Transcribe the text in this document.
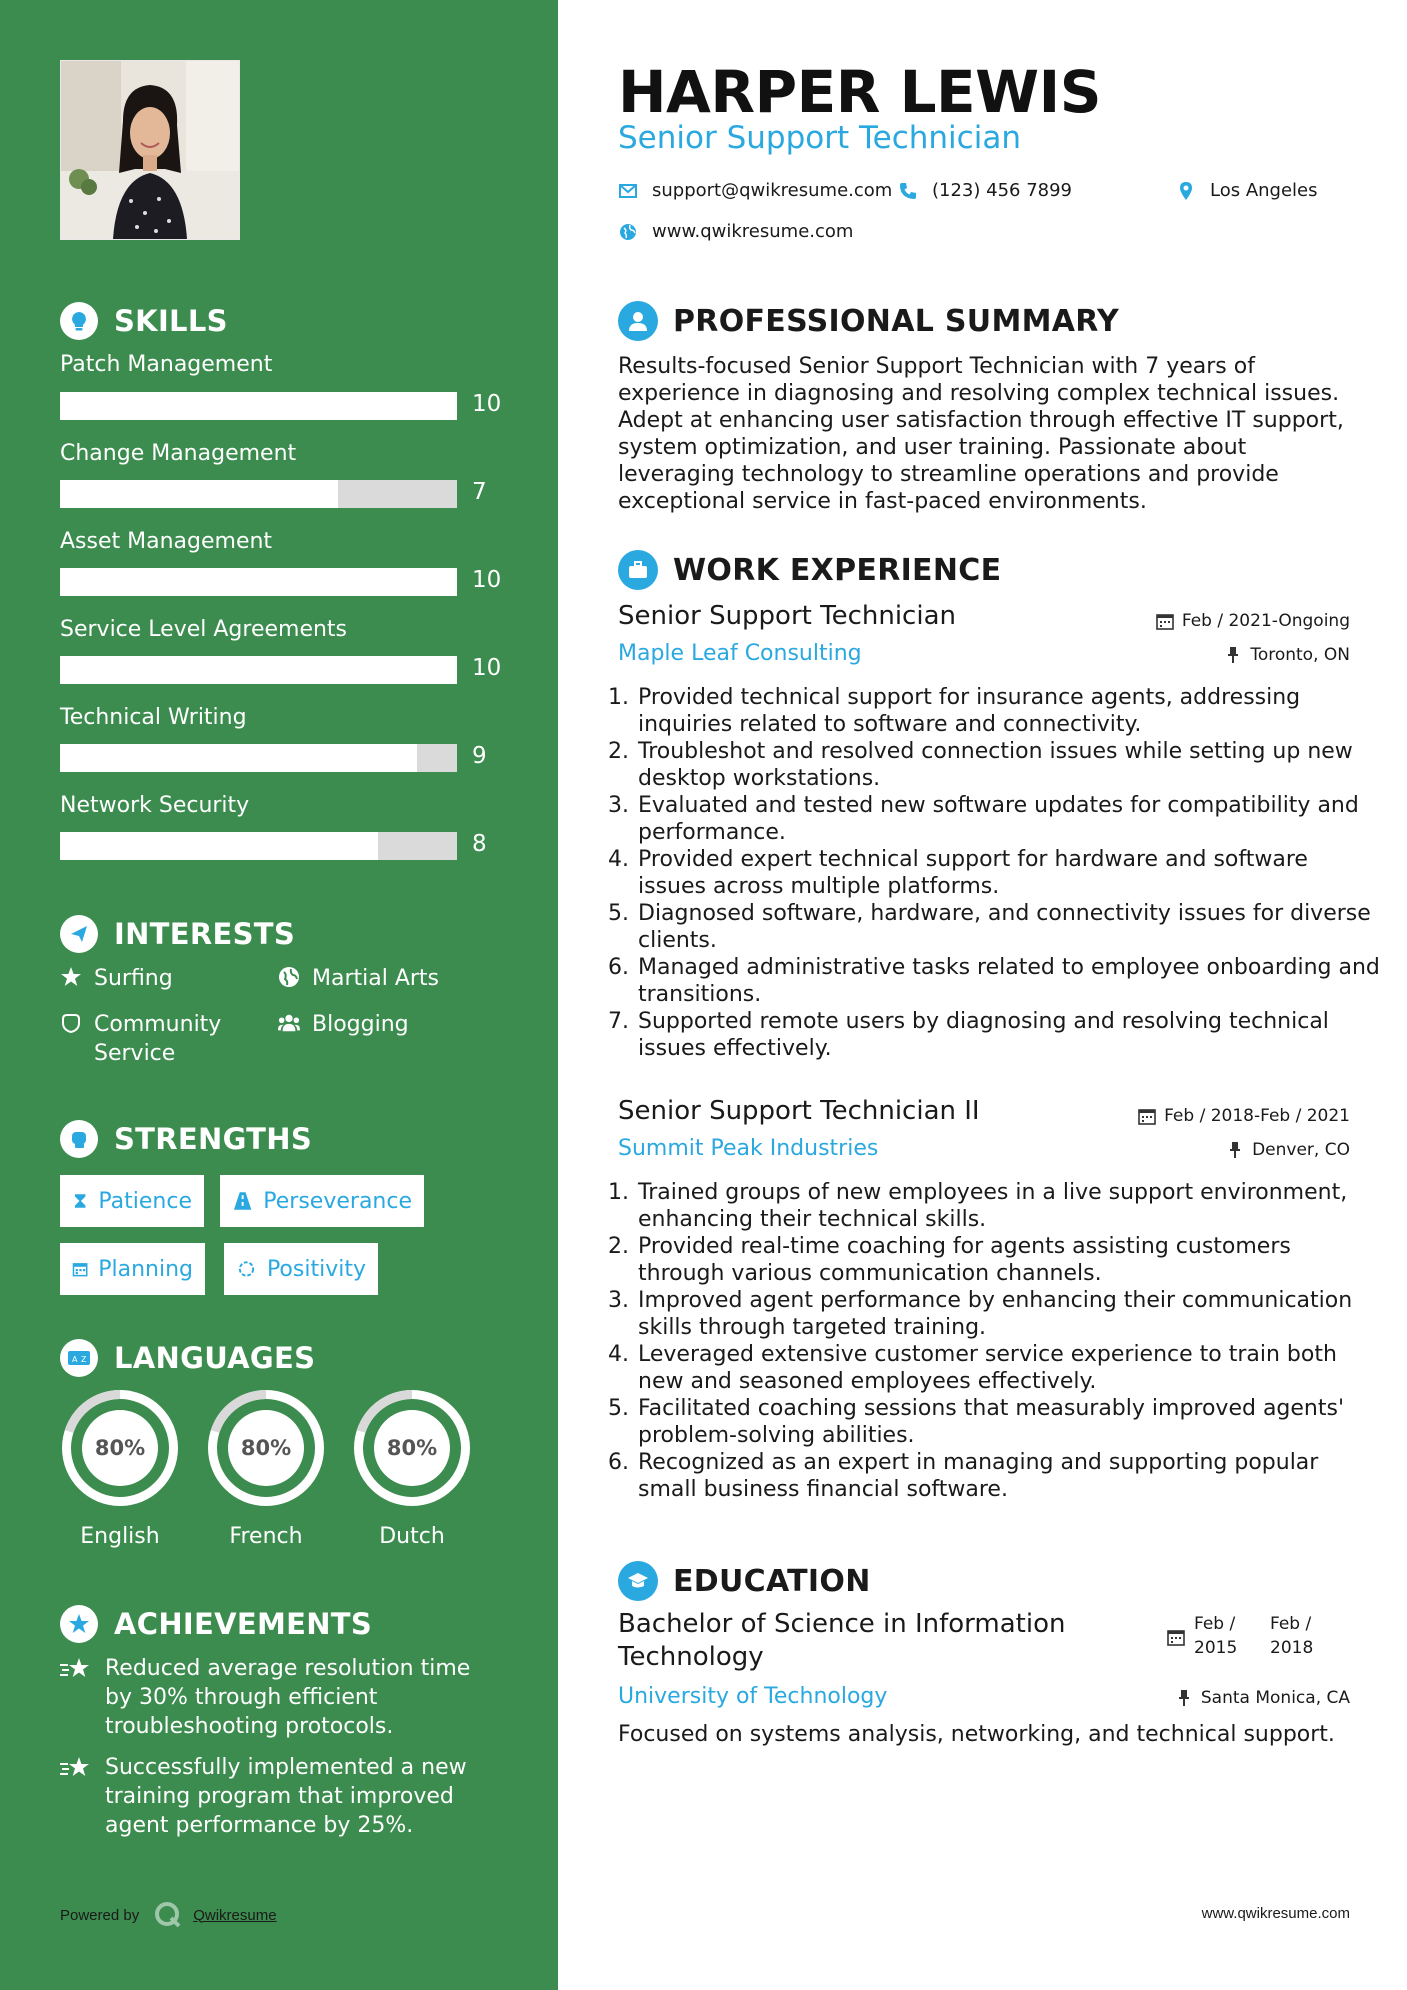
SKILLS
Patch Management
10
Change Management
7
Asset Management
10
Service Level Agreements
10
Technical Writing
9
Network Security
8
INTERESTS
Surfing	Martial Arts
Community
Service
Blogging
STRENGTHS
Patience	Perseverance
Planning	Positivity
A Z LANGUAGES
80%
English
80%
French
80%
Dutch
ACHIEVEMENTS
Reduced average resolution time by 30% through efficient troubleshooting protocols.
Successfully implemented a new training program that improved agent performance by 25%.
Powered by	Qwikresume
HARPER LEWIS
Senior Support Technician
support@qwikresume.com (123) 456 7899	Los Angeles
www.qwikresume.com
PROFESSIONAL SUMMARY
Results-focused Senior Support Technician with 7 years of experience in diagnosing and resolving complex technical issues. Adept at enhancing user satisfaction through effective IT support, system optimization, and user training. Passionate about leveraging technology to streamline operations and provide exceptional service in fast-paced environments.
WORK EXPERIENCE
Senior Support Technician	Feb / 2021-Ongoing
Maple Leaf Consulting	Toronto, ON
1. Provided technical support for insurance agents, addressing inquiries related to software and connectivity.
2. Troubleshot and resolved connection issues while setting up new desktop workstations.
3. Evaluated and tested new software updates for compatibility and performance.
4. Provided expert technical support for hardware and software issues across multiple platforms.
5. Diagnosed software, hardware, and connectivity issues for diverse clients.
6. Managed administrative tasks related to employee onboarding and transitions.
7. Supported remote users by diagnosing and resolving technical issues effectively.
Senior Support Technician II	Feb / 2018-Feb / 2021
Summit Peak Industries	Denver, CO
1. Trained groups of new employees in a live support environment, enhancing their technical skills.
2. Provided real-time coaching for agents assisting customers through various communication channels.
3. Improved agent performance by enhancing their communication skills through targeted training.
4. Leveraged extensive customer service experience to train both new and seasoned employees effectively.
5. Facilitated coaching sessions that measurably improved agents' problem-solving abilities.
6. Recognized as an expert in managing and supporting popular small business financial software.
EDUCATION
Bachelor of Science in Information Technology
Feb /
2015
Feb /
2018
University of Technology	Santa Monica, CA
Focused on systems analysis, networking, and technical support.
www.qwikresume.com
